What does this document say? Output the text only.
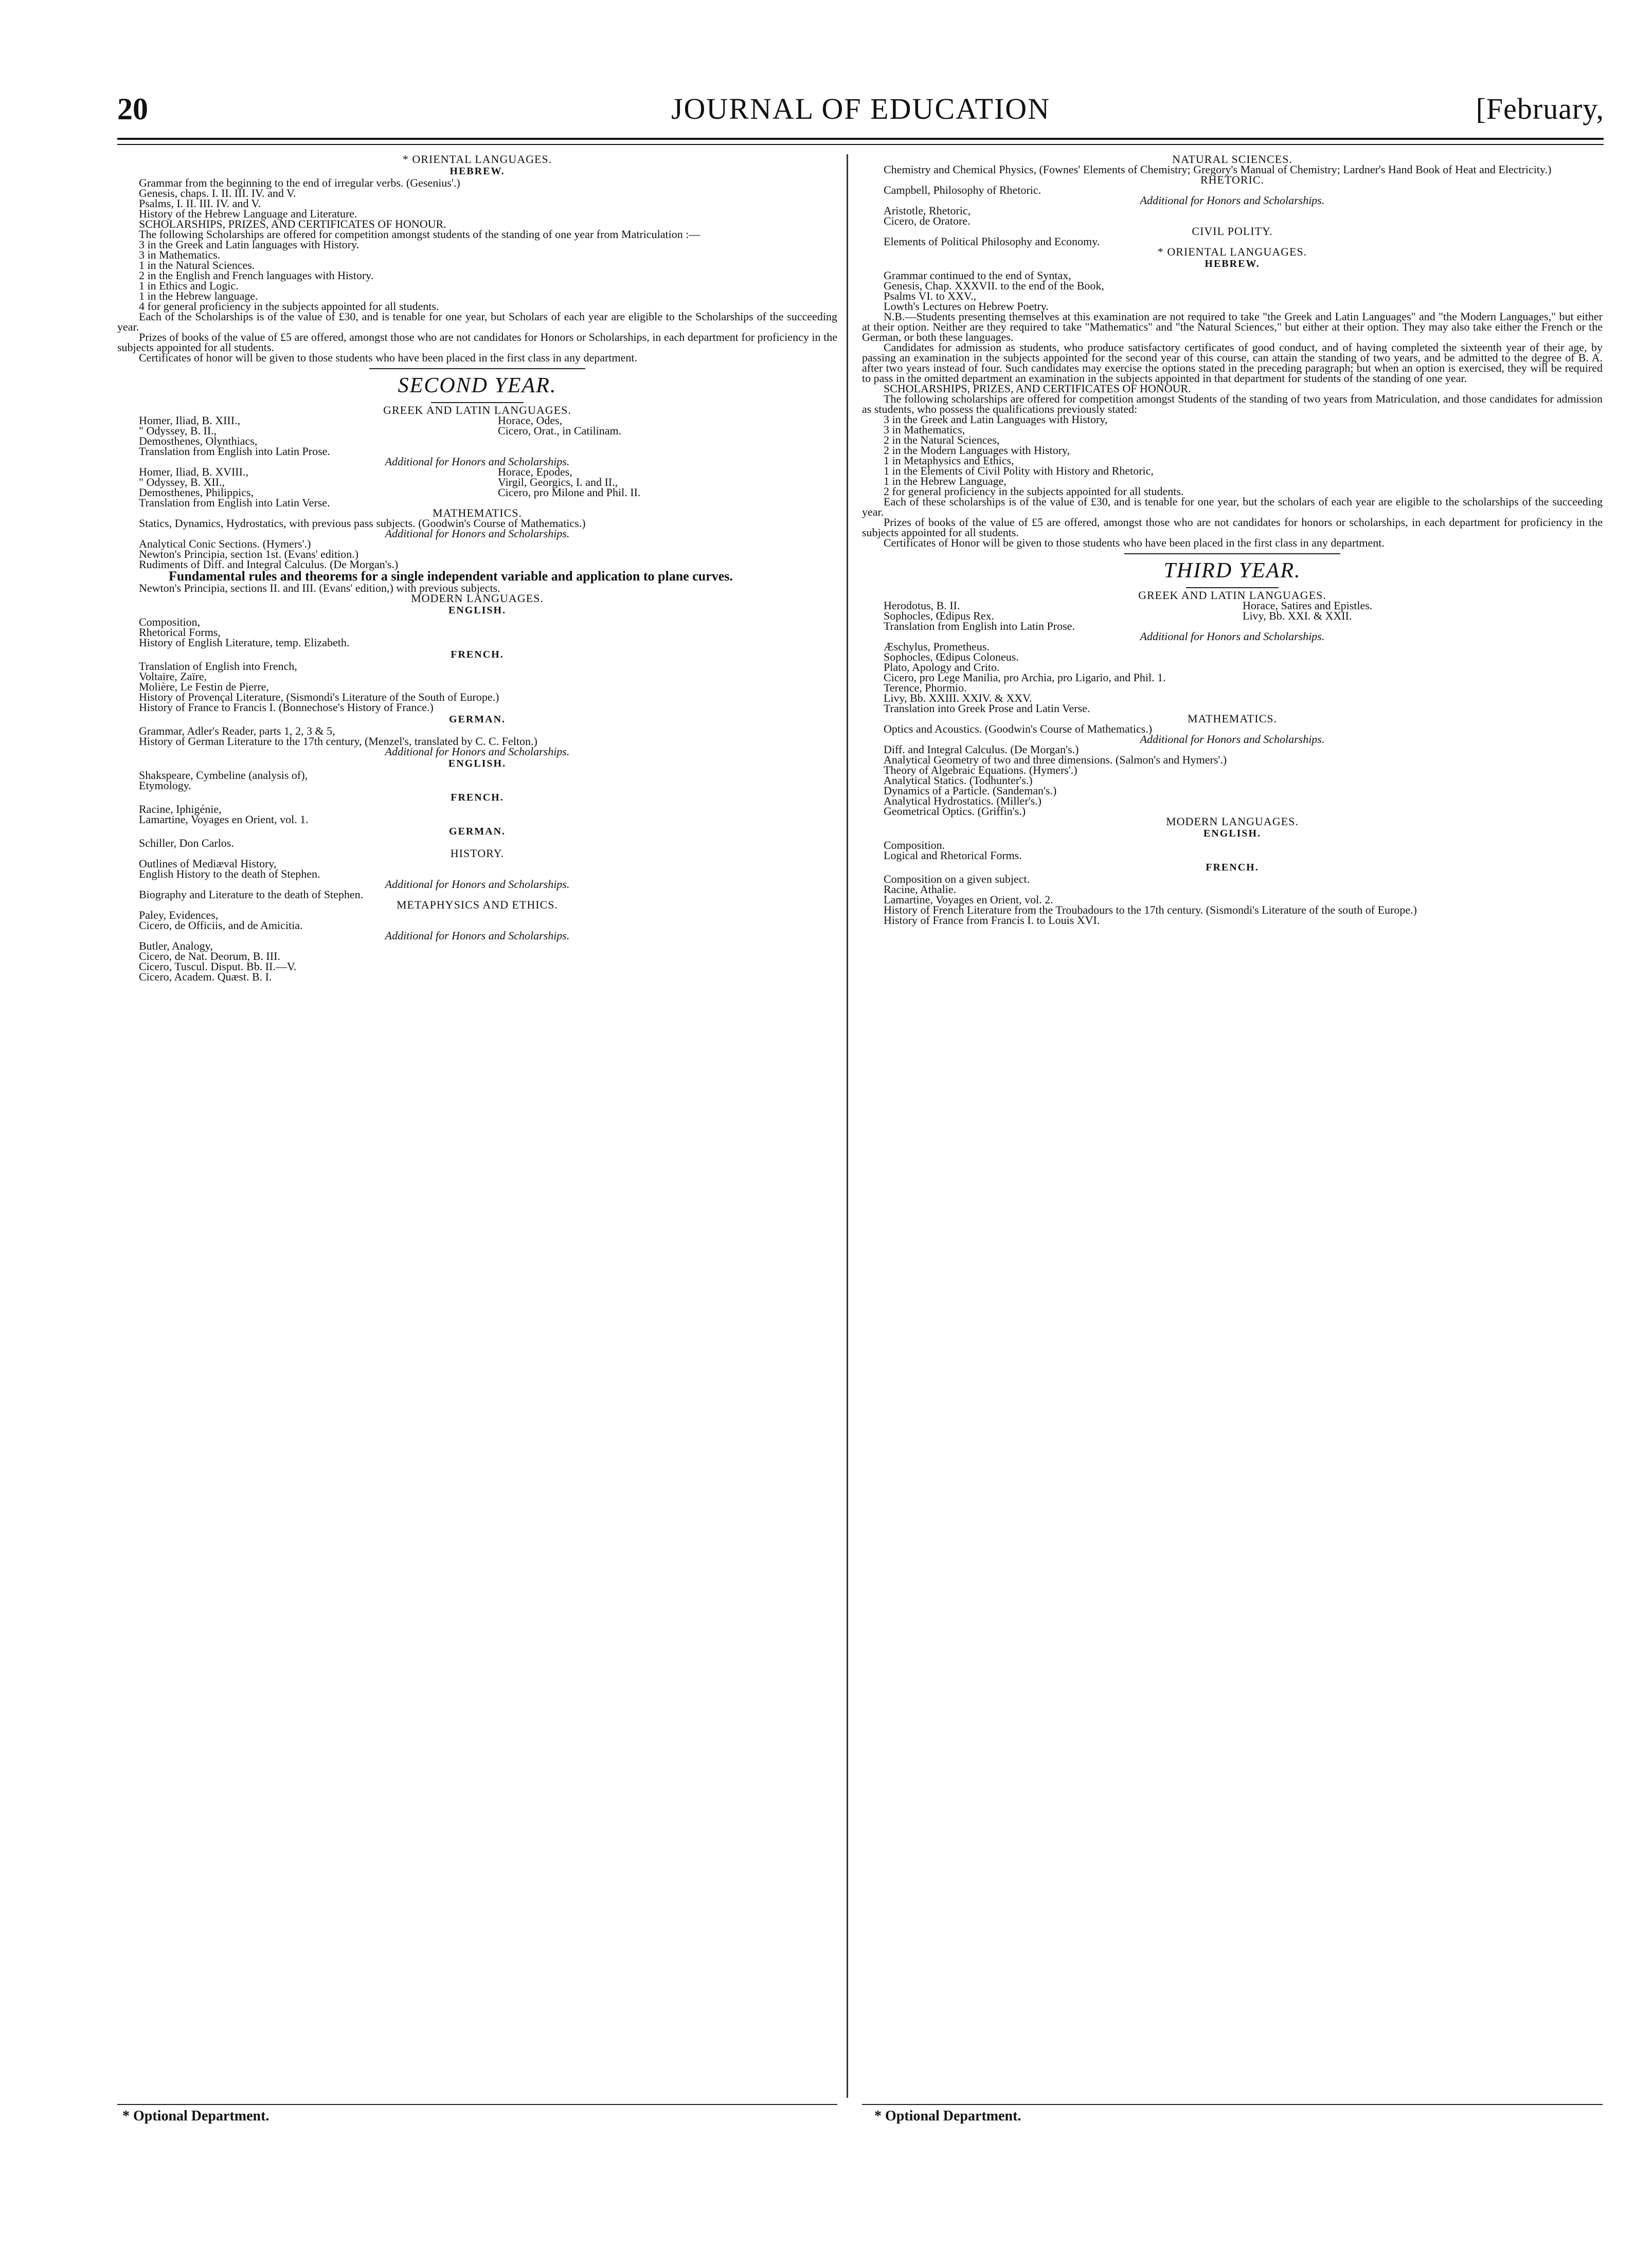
20	JOURNAL OF EDUCATION	[February,
* ORIENTAL LANGUAGES.
HEBREW.
Grammar from the beginning to the end of irregular verbs. (Gesenius'.)
Genesis, chaps. I. II. III. IV. and V.
Psalms, I. II. III. IV. and V.
History of the Hebrew Language and Literature.
SCHOLARSHIPS, PRIZES, AND CERTIFICATES OF HONOUR.
The following Scholarships are offered for competition amongst students of the standing of one year from Matriculation :—
3 in the Greek and Latin languages with History.
3 in Mathematics.
1 in the Natural Sciences.
2 in the English and French languages with History.
1 in Ethics and Logic.
1 in the Hebrew language.
4 for general proficiency in the subjects appointed for all students.
Each of the Scholarships is of the value of £30, and is tenable for one year, but Scholars of each year are eligible to the Scholarships of the succeeding year.
Prizes of books of the value of £5 are offered, amongst those who are not candidates for Honors or Scholarships, in each department for proficiency in the subjects appointed for all students.
Certificates of honor will be given to those students who have been placed in the first class in any department.
SECOND YEAR.
GREEK AND LATIN LANGUAGES.
Homer, Iliad, B. XIII.,	Horace, Odes,
" Odyssey, B. II.,	Cicero, Orat., in Catilinam.
Demosthenes, Olynthiacs,
Translation from English into Latin Prose.
Additional for Honors and Scholarships.
Homer, Iliad, B. XVIII.,	Horace, Epodes,
" Odyssey, B. XII.,	Virgil, Georgics, I. and II.,
Demosthenes, Philippics,	Cicero, pro Milone and Phil. II.
Translation from English into Latin Verse.
MATHEMATICS.
Statics, Dynamics, Hydrostatics, with previous pass subjects. (Goodwin's Course of Mathematics.)
Additional for Honors and Scholarships.
Analytical Conic Sections. (Hymers'.)
Newton's Principia, section 1st. (Evans' edition.)
Rudiments of Diff. and Integral Calculus. (De Morgan's.)
Fundamental rules and theorems for a single independent variable and application to plane curves.
Newton's Principia, sections II. and III. (Evans' edition,) with previous subjects.
MODERN LANGUAGES.
ENGLISH.
Composition,
Rhetorical Forms,
History of English Literature, temp. Elizabeth.
FRENCH.
Translation of English into French,
Voltaire, Zaïre,
Molière, Le Festin de Pierre,
History of Provençal Literature, (Sismondi's Literature of the South of Europe.)
History of France to Francis I. (Bonnechose's History of France.)
GERMAN.
Grammar, Adler's Reader, parts 1, 2, 3 & 5,
History of German Literature to the 17th century, (Menzel's, translated by C. C. Felton.)
Additional for Honors and Scholarships.
ENGLISH.
Shakspeare, Cymbeline (analysis of),
Etymology.
FRENCH.
Racine, Iphigénie,
Lamartine, Voyages en Orient, vol. 1.
GERMAN.
Schiller, Don Carlos.
HISTORY.
Outlines of Mediæval History,
English History to the death of Stephen.
Additional for Honors and Scholarships.
Biography and Literature to the death of Stephen.
METAPHYSICS AND ETHICS.
Paley, Evidences,
Cicero, de Officiis, and de Amicitia.
Additional for Honors and Scholarships.
Butler, Analogy,
Cicero, de Nat. Deorum, B. III.
Cicero, Tuscul. Disput. Bb. II.—V.
Cicero, Academ. Quæst. B. I.
NATURAL SCIENCES.
Chemistry and Chemical Physics, (Fownes' Elements of Chemistry; Gregory's Manual of Chemistry; Lardner's Hand Book of Heat and Electricity.)
RHETORIC.
Campbell, Philosophy of Rhetoric.
Additional for Honors and Scholarships.
Aristotle, Rhetoric,
Cicero, de Oratore.
CIVIL POLITY.
Elements of Political Philosophy and Economy.
* ORIENTAL LANGUAGES.
HEBREW.
Grammar continued to the end of Syntax,
Genesis, Chap. XXXVII. to the end of the Book,
Psalms VI. to XXV.,
Lowth's Lectures on Hebrew Poetry.
N.B.—Students presenting themselves at this examination are not required to take "the Greek and Latin Languages" and "the Modern Languages," but either at their option. Neither are they required to take "Mathematics" and "the Natural Sciences," but either at their option. They may also take either the French or the German, or both these languages.
Candidates for admission as students, who produce satisfactory certificates of good conduct, and of having completed the sixteenth year of their age, by passing an examination in the subjects appointed for the second year of this course, can attain the standing of two years, and be admitted to the degree of B. A. after two years instead of four. Such candidates may exercise the options stated in the preceding paragraph; but when an option is exercised, they will be required to pass in the omitted department an examination in the subjects appointed in that department for students of the standing of one year.
SCHOLARSHIPS, PRIZES, AND CERTIFICATES OF HONOUR.
The following scholarships are offered for competition amongst Students of the standing of two years from Matriculation, and those candidates for admission as students, who possess the qualifications previously stated:
3 in the Greek and Latin Languages with History,
3 in Mathematics,
2 in the Natural Sciences,
2 in the Modern Languages with History,
1 in Metaphysics and Ethics,
1 in the Elements of Civil Polity with History and Rhetoric,
1 in the Hebrew Language,
2 for general proficiency in the subjects appointed for all students.
Each of these scholarships is of the value of £30, and is tenable for one year, but the scholars of each year are eligible to the scholarships of the succeeding year.
Prizes of books of the value of £5 are offered, amongst those who are not candidates for honors or scholarships, in each department for proficiency in the subjects appointed for all students.
Certificates of Honor will be given to those students who have been placed in the first class in any department.
THIRD YEAR.
GREEK AND LATIN LANGUAGES.
Herodotus, B. II.	Horace, Satires and Epistles.
Sophocles, Œdipus Rex.	Livy, Bb. XXI. & XXII.
Translation from English into Latin Prose.
Additional for Honors and Scholarships.
Æschylus, Prometheus.
Sophocles, Œdipus Coloneus.
Plato, Apology and Crito.
Cicero, pro Lege Manilia, pro Archia, pro Ligario, and Phil. 1.
Terence, Phormio.
Livy, Bb. XXIII. XXIV. & XXV.
Translation into Greek Prose and Latin Verse.
MATHEMATICS.
Optics and Acoustics. (Goodwin's Course of Mathematics.)
Additional for Honors and Scholarships.
Diff. and Integral Calculus. (De Morgan's.)
Analytical Geometry of two and three dimensions. (Salmon's and Hymers'.)
Theory of Algebraic Equations. (Hymers'.)
Analytical Statics. (Todhunter's.)
Dynamics of a Particle. (Sandeman's.)
Analytical Hydrostatics. (Miller's.)
Geometrical Optics. (Griffin's.)
MODERN LANGUAGES.
ENGLISH.
Composition.
Logical and Rhetorical Forms.
FRENCH.
Composition on a given subject.
Racine, Athalie.
Lamartine, Voyages en Orient, vol. 2.
History of French Literature from the Troubadours to the 17th century. (Sismondi's Literature of the south of Europe.)
History of France from Francis I. to Louis XVI.
* Optional Department.	* Optional Department.
